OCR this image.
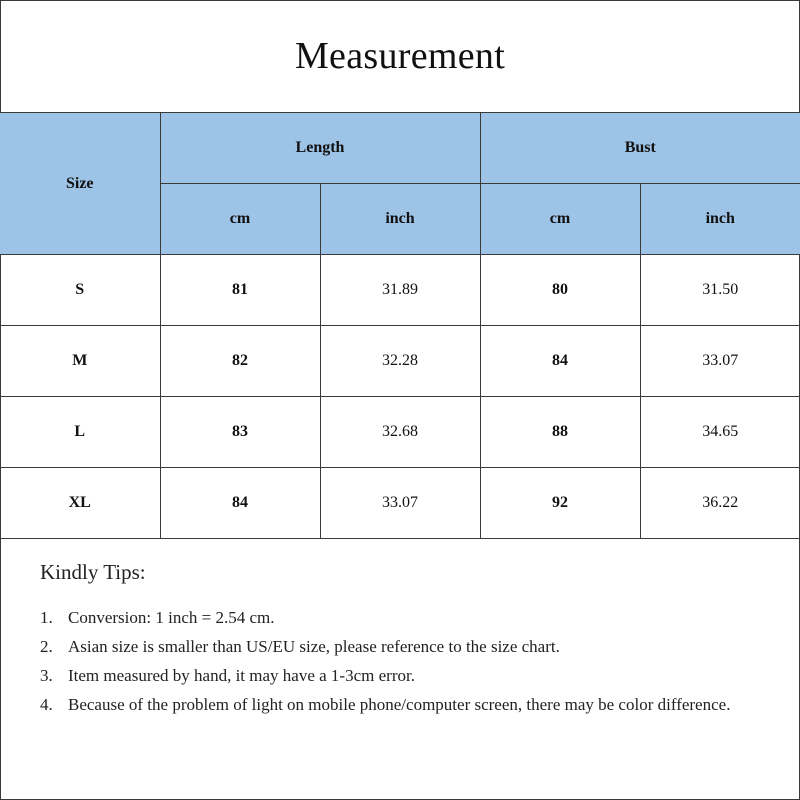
Measurement
Size	Length		Bust	
	cm	inch	cm	inch
S	81	31.89	80	31.50
M	82	32.28	84	33.07
L	83	32.68	88	34.65
XL	84	33.07	92	36.22
Kindly Tips:
1. Conversion: 1 inch = 2.54 cm.
2. Asian size is smaller than US/EU size, please reference to the size chart.
3. Item measured by hand, it may have a 1-3cm error.
4. Because of the problem of light on mobile phone/computer screen, there may be color difference.
